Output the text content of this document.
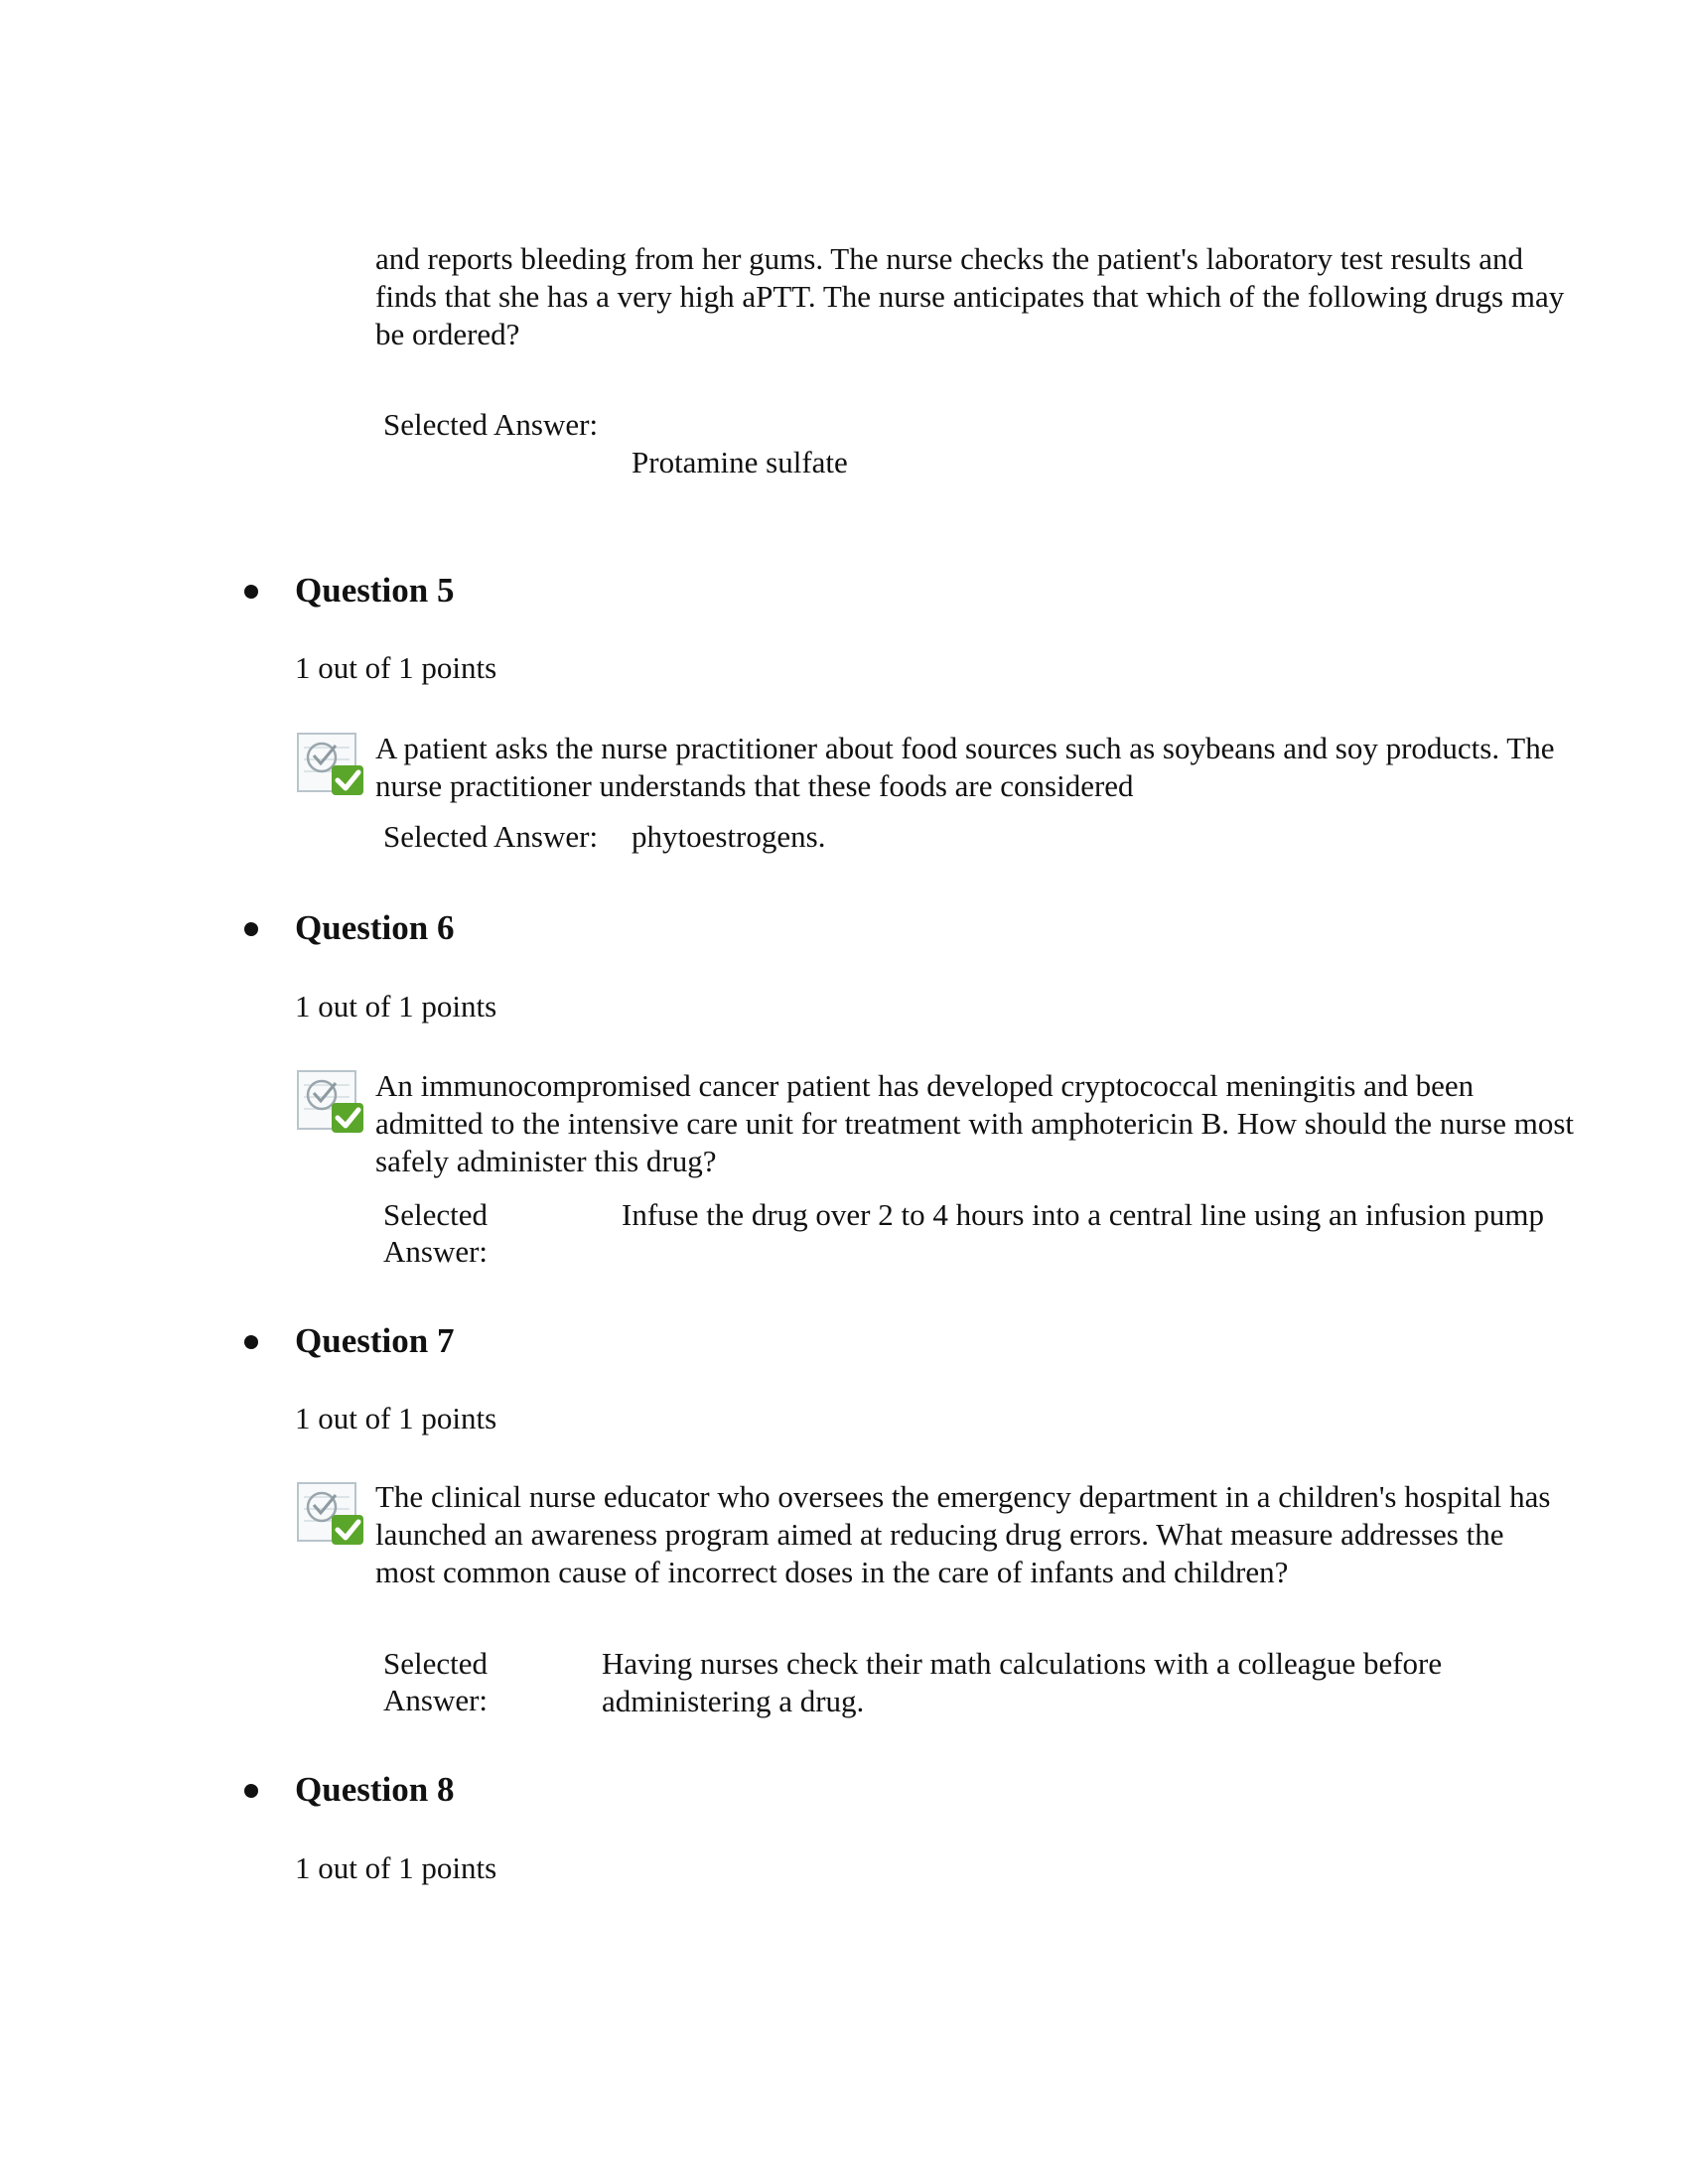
and reports bleeding from her gums. The nurse checks the patient's laboratory test results and finds that she has a very high aPTT. The nurse anticipates that which of the following drugs may be ordered?
Selected Answer:
Protamine sulfate
Question 5
1 out of 1 points
A patient asks the nurse practitioner about food sources such as soybeans and soy products. The nurse practitioner understands that these foods are considered
Selected Answer: phytoestrogens.
Question 6
1 out of 1 points
An immunocompromised cancer patient has developed cryptococcal meningitis and been admitted to the intensive care unit for treatment with amphotericin B. How should the nurse most safely administer this drug?
Selected
Answer:
Infuse the drug over 2 to 4 hours into a central line using an infusion pump
Question 7
1 out of 1 points
The clinical nurse educator who oversees the emergency department in a children's hospital has launched an awareness program aimed at reducing drug errors. What measure addresses the most common cause of incorrect doses in the care of infants and children?
Selected
Answer:
Having nurses check their math calculations with a colleague before administering a drug.
Question 8
1 out of 1 points
